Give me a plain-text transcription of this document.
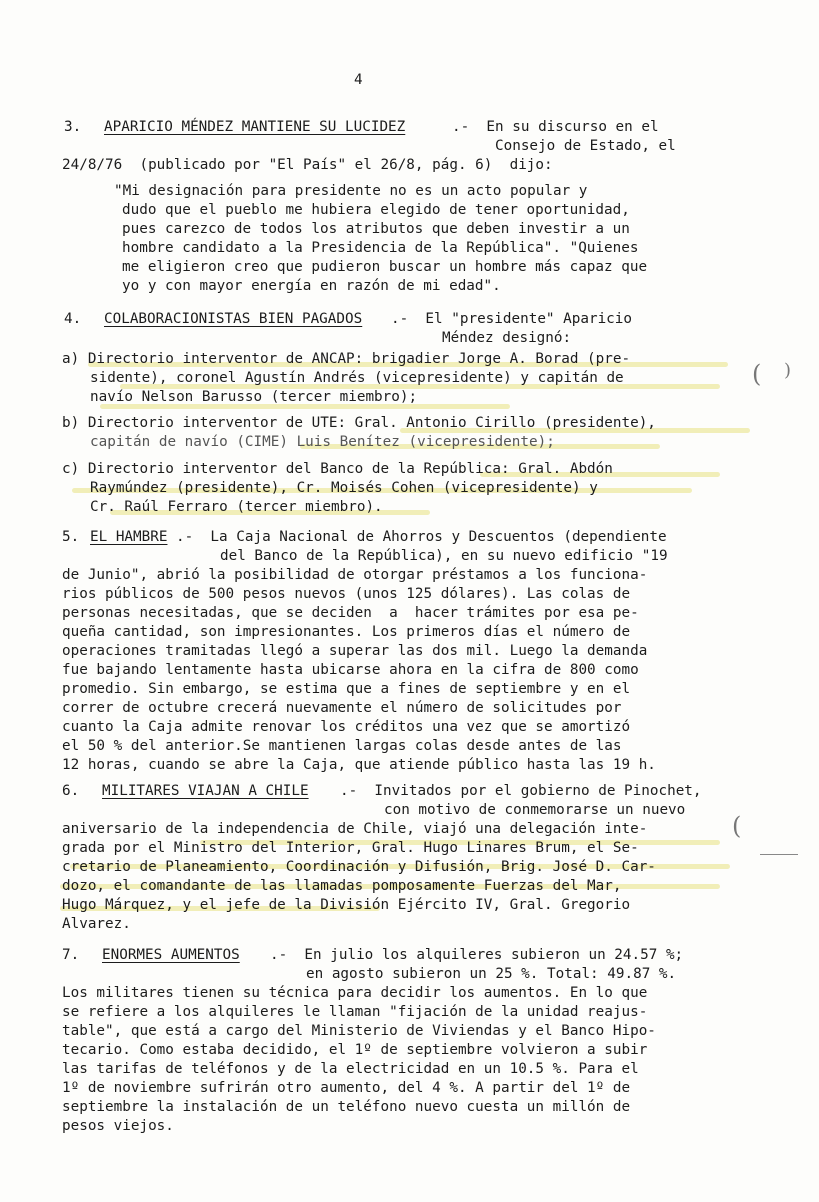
4
3. APARICIO MÉNDEZ MANTIENE SU LUCIDEZ	.-  En su discurso en el
Consejo de Estado, el
24/8/76  (publicado por "El País" el 26/8, pág. 6)  dijo:
"Mi designación para presidente no es un acto popular y
dudo que el pueblo me hubiera elegido de tener oportunidad,
pues carezco de todos los atributos que deben investir a un
hombre candidato a la Presidencia de la República". "Quienes
me eligieron creo que pudieron buscar un hombre más capaz que
yo y con mayor energía en razón de mi edad".
4. COLABORACIONISTAS BIEN PAGADOS .-  El "presidente" Aparicio
Méndez designó:
a) Directorio interventor de ANCAP: brigadier Jorge A. Borad (pre-
sidente), coronel Agustín Andrés (vicepresidente) y capitán de
navío Nelson Barusso (tercer miembro);
b) Directorio interventor de UTE: Gral. Antonio Cirillo (presidente),
capitán de navío (CIME) Luis Benítez (vicepresidente);
c) Directorio interventor del Banco de la República: Gral. Abdón
Raymúndez (presidente), Cr. Moisés Cohen (vicepresidente) y
Cr. Raúl Ferraro (tercer miembro).
( )
5. EL HAMBRE .-  La Caja Nacional de Ahorros y Descuentos (dependiente
del Banco de la República), en su nuevo edificio "19
de Junio", abrió la posibilidad de otorgar préstamos a los funciona-
rios públicos de 500 pesos nuevos (unos 125 dólares). Las colas de
personas necesitadas, que se deciden  a  hacer trámites por esa pe-
queña cantidad, son impresionantes. Los primeros días el número de
operaciones tramitadas llegó a superar las dos mil. Luego la demanda
fue bajando lentamente hasta ubicarse ahora en la cifra de 800 como
promedio. Sin embargo, se estima que a fines de septiembre y en el
correr de octubre crecerá nuevamente el número de solicitudes por
cuanto la Caja admite renovar los créditos una vez que se amortizó
el 50 % del anterior.Se mantienen largas colas desde antes de las
12 horas, cuando se abre la Caja, que atiende público hasta las 19 h.
6. MILITARES VIAJAN A CHILE .-  Invitados por el gobierno de Pinochet,
con motivo de conmemorarse un nuevo
aniversario de la independencia de Chile, viajó una delegación inte-
grada por el Ministro del Interior, Gral. Hugo Linares Brum, el Se-
cretario de Planeamiento, Coordinación y Difusión, Brig. José D. Car-
dozo, el comandante de las llamadas pomposamente Fuerzas del Mar,
Hugo Márquez, y el jefe de la División Ejército IV, Gral. Gregorio
Alvarez.
(
7. ENORMES AUMENTOS .-  En julio los alquileres subieron un 24.57 %;
en agosto subieron un 25 %. Total: 49.87 %.
Los militares tienen su técnica para decidir los aumentos. En lo que
se refiere a los alquileres le llaman "fijación de la unidad reajus-
table", que está a cargo del Ministerio de Viviendas y el Banco Hipo-
tecario. Como estaba decidido, el 1º de septiembre volvieron a subir
las tarifas de teléfonos y de la electricidad en un 10.5 %. Para el
1º de noviembre sufrirán otro aumento, del 4 %. A partir del 1º de
septiembre la instalación de un teléfono nuevo cuesta un millón de
pesos viejos.
